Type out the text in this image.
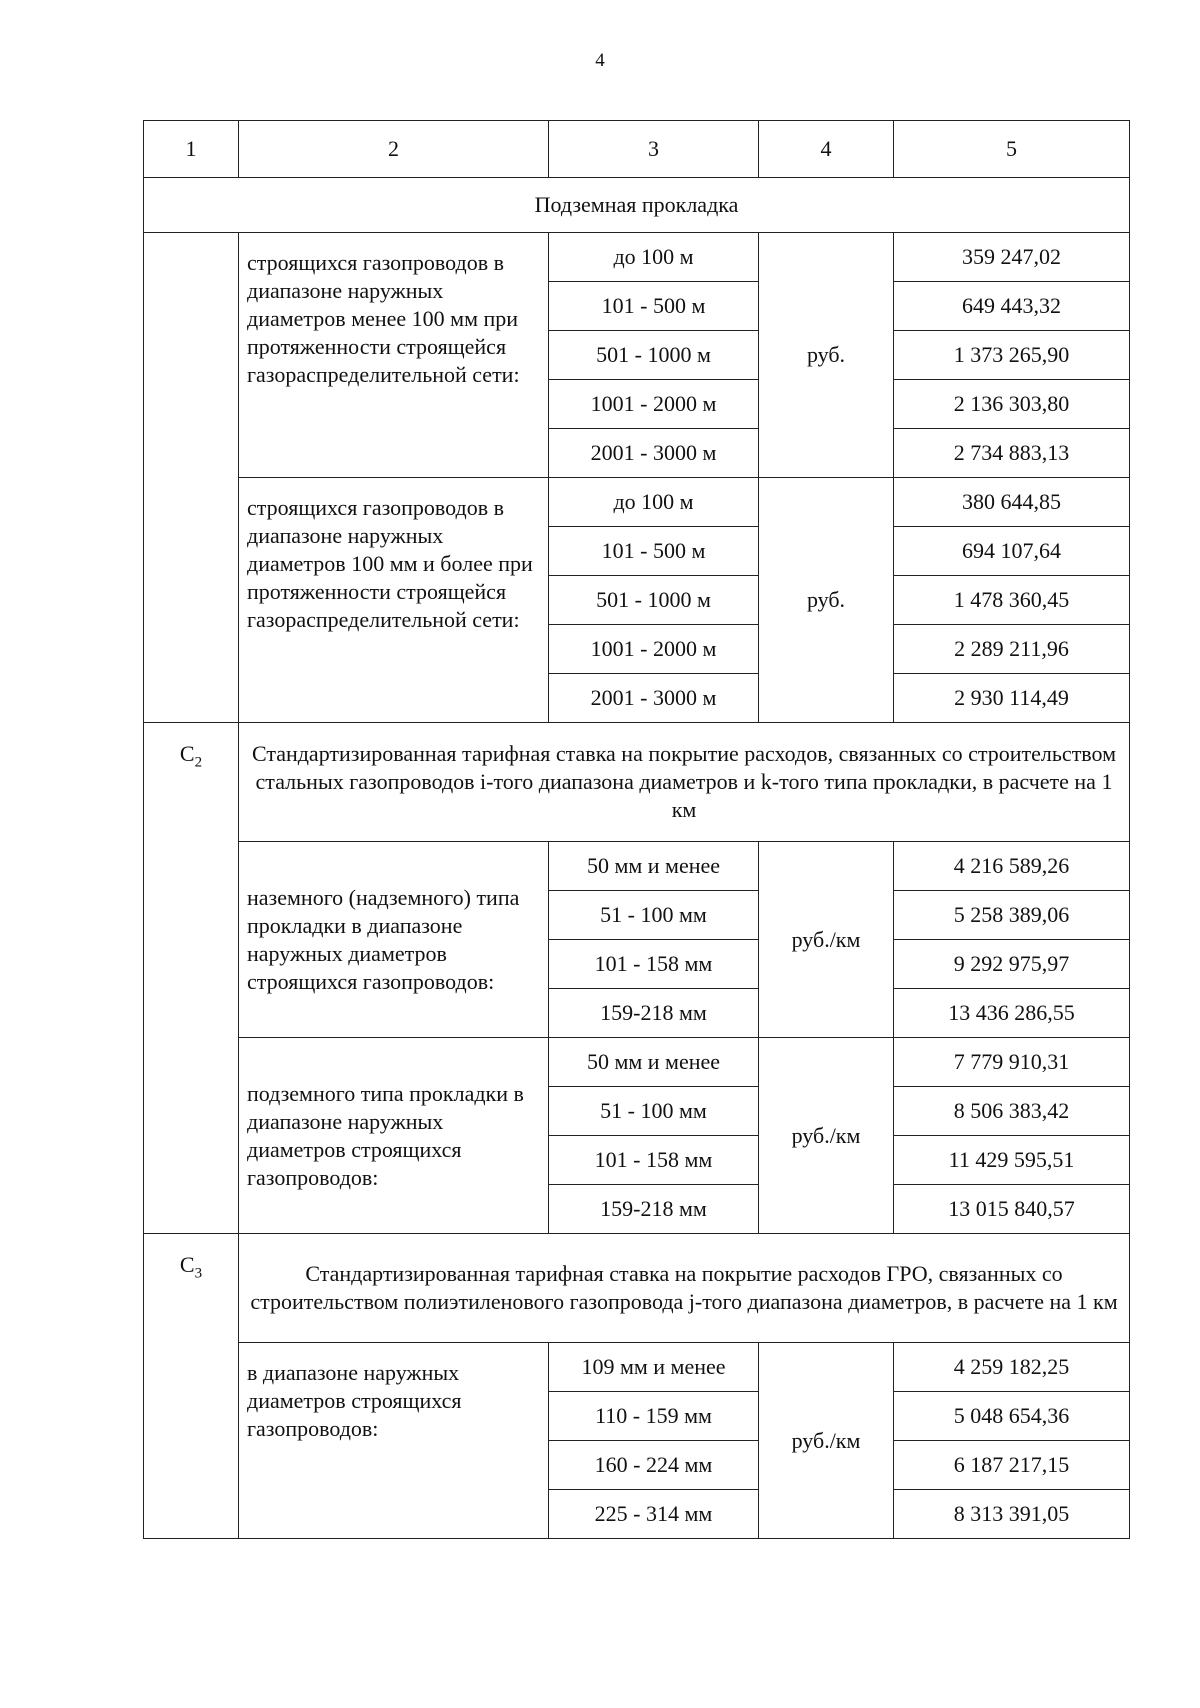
4
1	2	3	4	5
Подземная прокладка				
	строящихся газопроводов в диапазоне наружных диаметров менее 100 мм при протяженности строящейся газораспределительной сети:	до 100 м	руб.	359 247,02
		101 - 500 м		649 443,32
		501 - 1000 м		1 373 265,90
		1001 - 2000 м		2 136 303,80
		2001 - 3000 м		2 734 883,13
	строящихся газопроводов в диапазоне наружных диаметров 100 мм и более при протяженности строящейся газораспределительной сети:	до 100 м	руб.	380 644,85
		101 - 500 м		694 107,64
		501 - 1000 м		1 478 360,45
		1001 - 2000 м		2 289 211,96
		2001 - 3000 м		2 930 114,49
$C_2$	Стандартизированная тарифная ставка на покрытие расходов, связанных со строительством стальных газопроводов i-того диапазона диаметров и k-того типа прокладки, в расчете на 1 км			
	наземного (надземного) типа прокладки в диапазоне наружных диаметров строящихся газопроводов:	50 мм и менее	руб./км	4 216 589,26
		51 - 100 мм		5 258 389,06
		101 - 158 мм		9 292 975,97
		159-218 мм		13 436 286,55
	подземного типа прокладки в диапазоне наружных диаметров строящихся газопроводов:	50 мм и менее	руб./км	7 779 910,31
		51 - 100 мм		8 506 383,42
		101 - 158 мм		11 429 595,51
		159-218 мм		13 015 840,57
$C_3$	Стандартизированная тарифная ставка на покрытие расходов ГРО, связанных со строительством полиэтиленового газопровода j-того диапазона диаметров, в расчете на 1 км			
	в диапазоне наружных диаметров строящихся газопроводов:	109 мм и менее	руб./км	4 259 182,25
		110 - 159 мм		5 048 654,36
		160 - 224 мм		6 187 217,15
		225 - 314 мм		8 313 391,05
